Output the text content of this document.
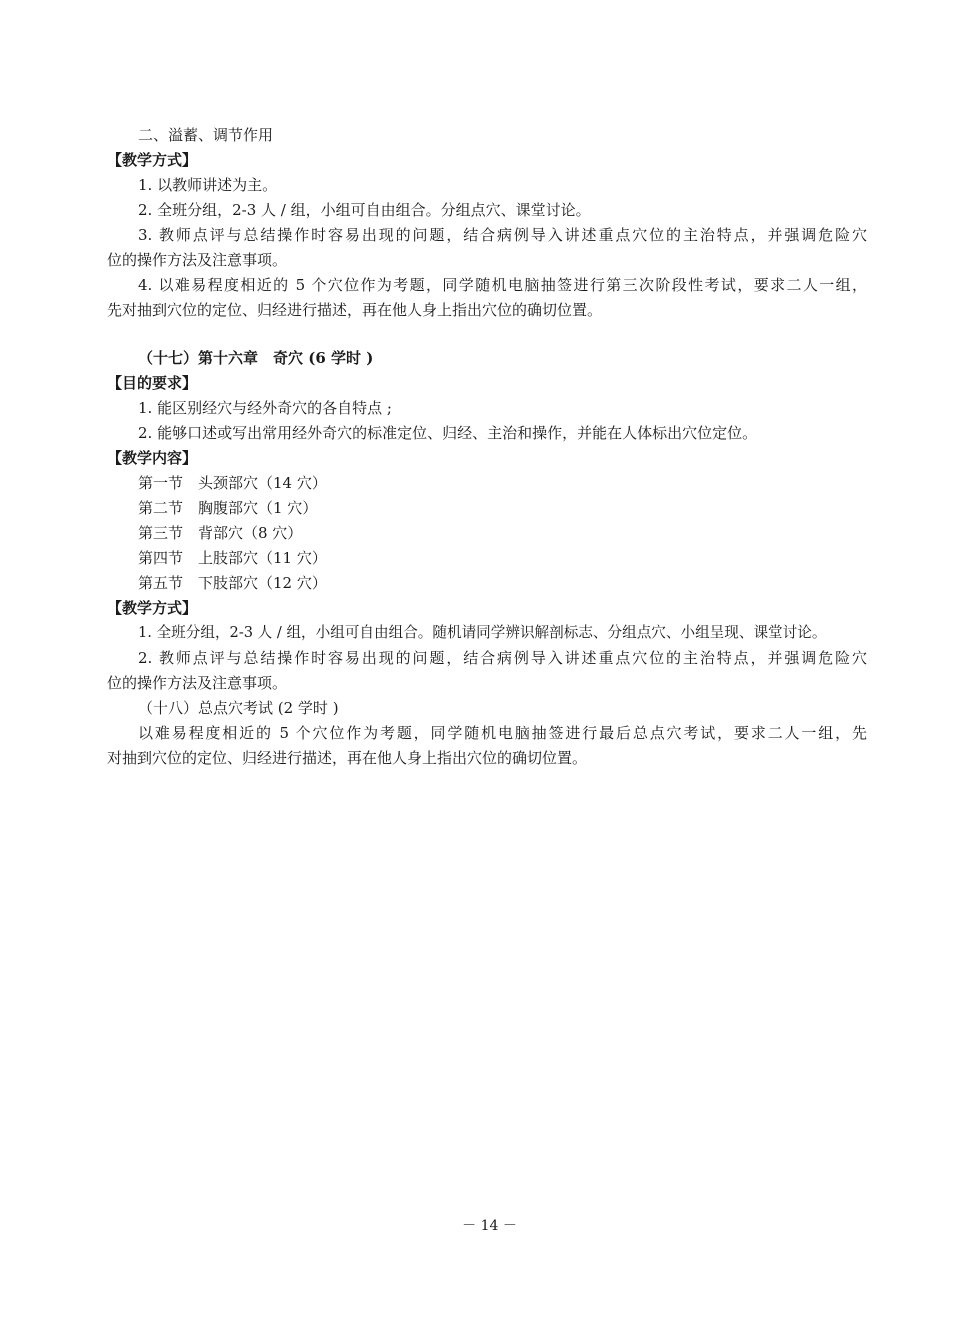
二、溢蓄、调节作用
【教学方式】
1. 以教师讲述为主。
2. 全班分组，2-3 人 / 组，小组可自由组合。分组点穴、课堂讨论。
3. 教师点评与总结操作时容易出现的问题，结合病例导入讲述重点穴位的主治特点，并强调危险穴
位的操作方法及注意事项。
4. 以难易程度相近的 5 个穴位作为考题，同学随机电脑抽签进行第三次阶段性考试，要求二人一组，
先对抽到穴位的定位、归经进行描述，再在他人身上指出穴位的确切位置。
（十七）第十六章　奇穴 (6 学时 )
【目的要求】
1. 能区别经穴与经外奇穴的各自特点 ;
2. 能够口述或写出常用经外奇穴的标准定位、归经、主治和操作，并能在人体标出穴位定位。
【教学内容】
第一节　头颈部穴（14 穴）
第二节　胸腹部穴（1 穴）
第三节　背部穴（8 穴）
第四节　上肢部穴（11 穴）
第五节　下肢部穴（12 穴）
【教学方式】
1. 全班分组，2-3 人 / 组，小组可自由组合。随机请同学辨识解剖标志、分组点穴、小组呈现、课堂讨论。
2. 教师点评与总结操作时容易出现的问题，结合病例导入讲述重点穴位的主治特点，并强调危险穴
位的操作方法及注意事项。
（十八）总点穴考试 (2 学时 )
以难易程度相近的 5 个穴位作为考题，同学随机电脑抽签进行最后总点穴考试，要求二人一组，先
对抽到穴位的定位、归经进行描述，再在他人身上指出穴位的确切位置。
－ 14 －
